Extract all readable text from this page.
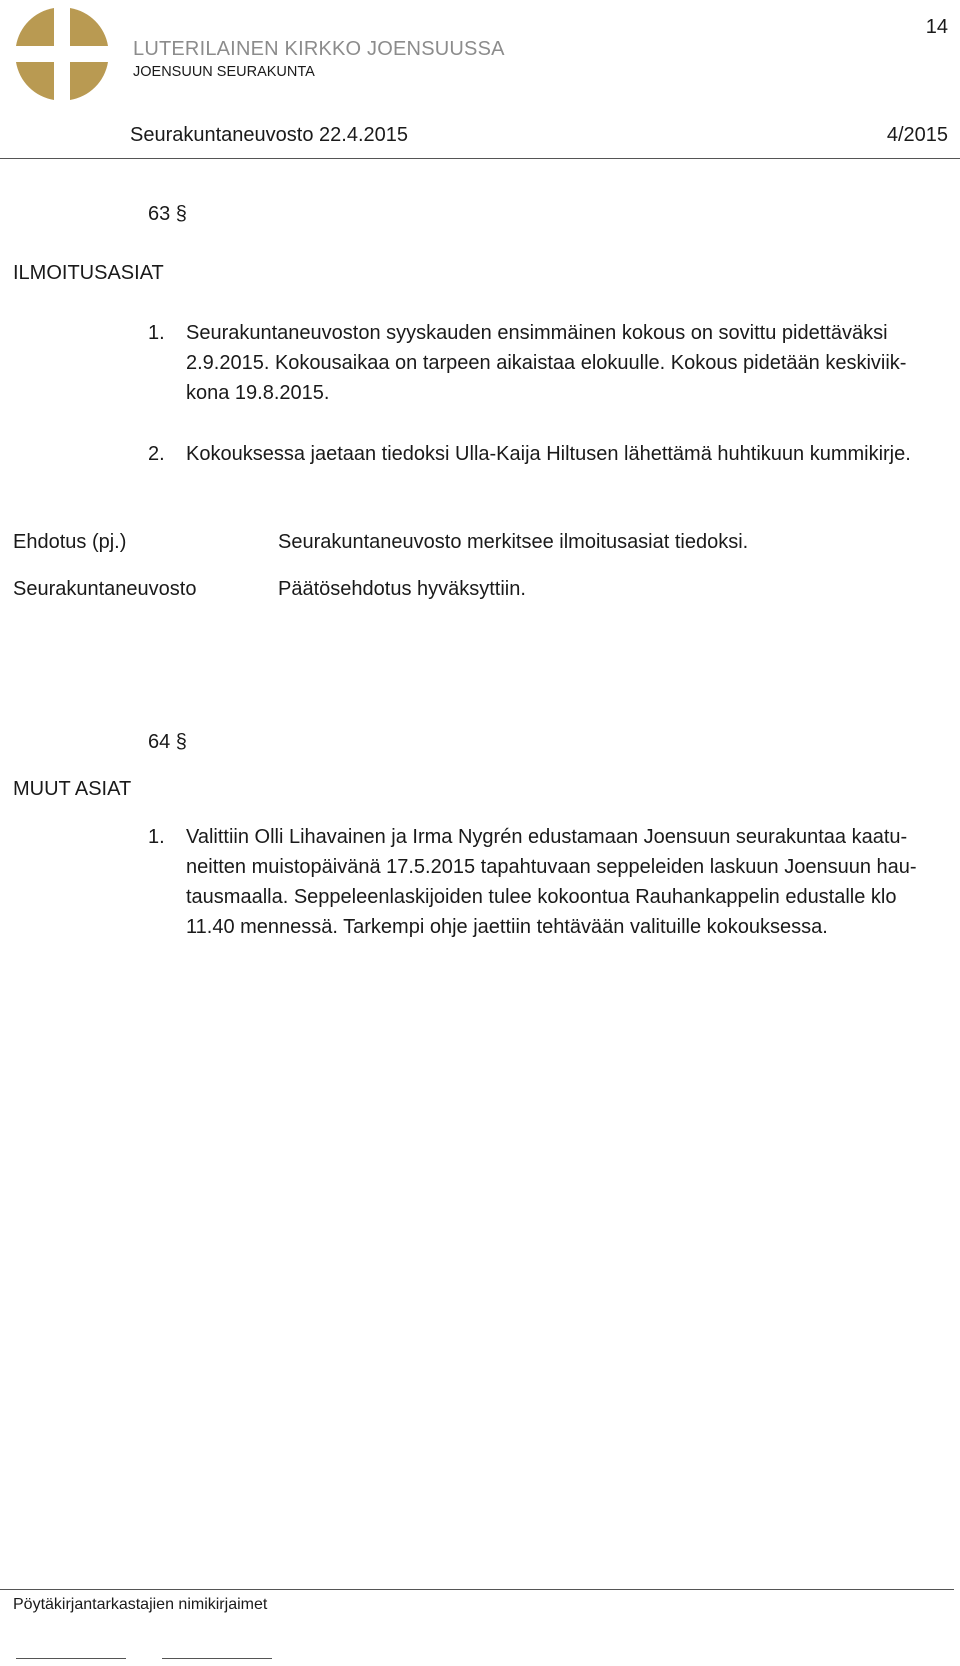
LUTERILAINEN KIRKKO JOENSUUSSA
JOENSUUN SEURAKUNTA
14
Seurakuntaneuvosto 22.4.2015	4/2015
63 §
ILMOITUSASIAT
1. Seurakuntaneuvoston syyskauden ensimmäinen kokous on sovittu pidettäväksi
2.9.2015. Kokousaikaa on tarpeen aikaistaa elokuulle. Kokous pidetään keskiviik-
kona 19.8.2015.
2. Kokouksessa jaetaan tiedoksi Ulla-Kaija Hiltusen lähettämä huhtikuun kummikirje.
Ehdotus (pj.)	Seurakuntaneuvosto merkitsee ilmoitusasiat tiedoksi.
Seurakuntaneuvosto	Päätösehdotus hyväksyttiin.
64 §
MUUT ASIAT
1. Valittiin Olli Lihavainen ja Irma Nygrén edustamaan Joensuun seurakuntaa kaatu-
neitten muistopäivänä 17.5.2015 tapahtuvaan seppeleiden laskuun Joensuun hau-
tausmaalla. Seppeleenlaskijoiden tulee kokoontua Rauhankappelin edustalle klo
11.40 mennessä. Tarkempi ohje jaettiin tehtävään valituille kokouksessa.
Pöytäkirjantarkastajien nimikirjaimet
